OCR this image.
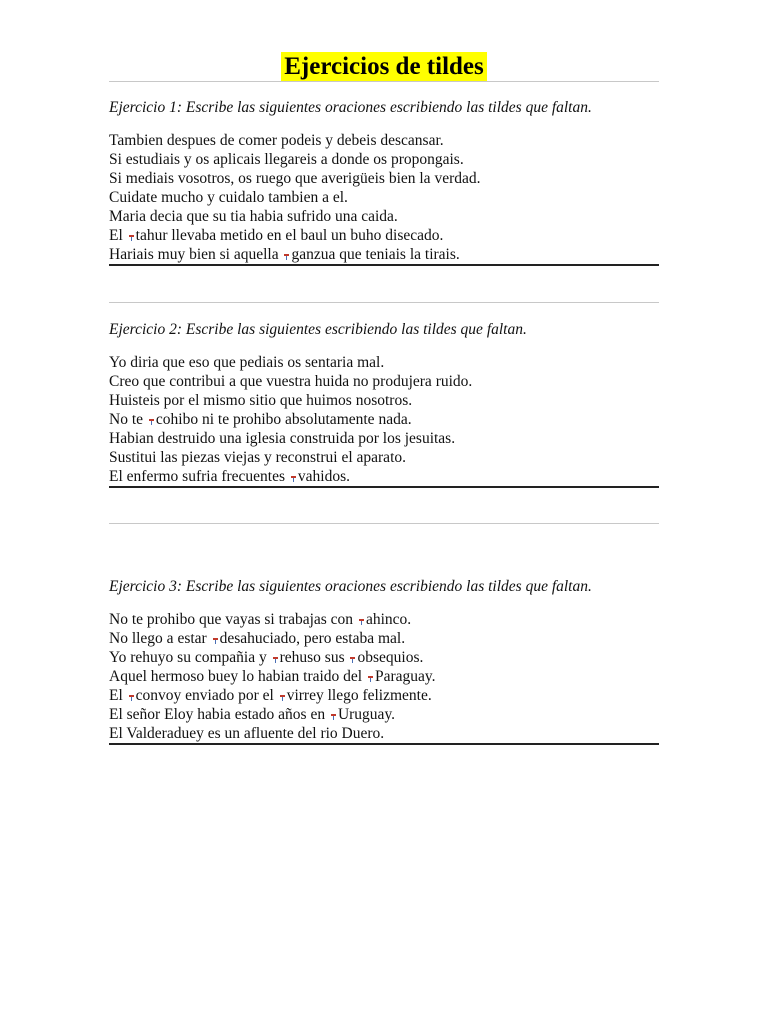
Ejercicios de tildes

Ejercicio 1: Escribe las siguientes oraciones escribiendo las tildes que faltan.

Tambien despues de comer podeis y debeis descansar.
Si estudiais y os aplicais llegareis a donde os propongais.
Si mediais vosotros, os ruego que averigüeis bien la verdad.
Cuidate mucho y cuidalo tambien a el.
Maria decia que su tia habia sufrido una caida.
El tahur llevaba metido en el baul un buho disecado.
Hariais muy bien si aquella ganzua que teniais la tirais.

Ejercicio 2: Escribe las siguientes escribiendo las tildes que faltan.

Yo diria que eso que pediais os sentaria mal.
Creo que contribui a que vuestra huida no produjera ruido.
Huisteis por el mismo sitio que huimos nosotros.
No te cohibo ni te prohibo absolutamente nada.
Habian destruido una iglesia construida por los jesuitas.
Sustitui las piezas viejas y reconstrui el aparato.
El enfermo sufria frecuentes vahidos.

Ejercicio 3: Escribe las siguientes oraciones escribiendo las tildes que faltan.

No te prohibo que vayas si trabajas con ahinco.
No llego a estar desahuciado, pero estaba mal.
Yo rehuyo su compañia y rehuso sus obsequios.
Aquel hermoso buey lo habian traido del Paraguay.
El convoy enviado por el virrey llego felizmente.
El señor Eloy habia estado años en Uruguay.
El Valderaduey es un afluente del rio Duero.
